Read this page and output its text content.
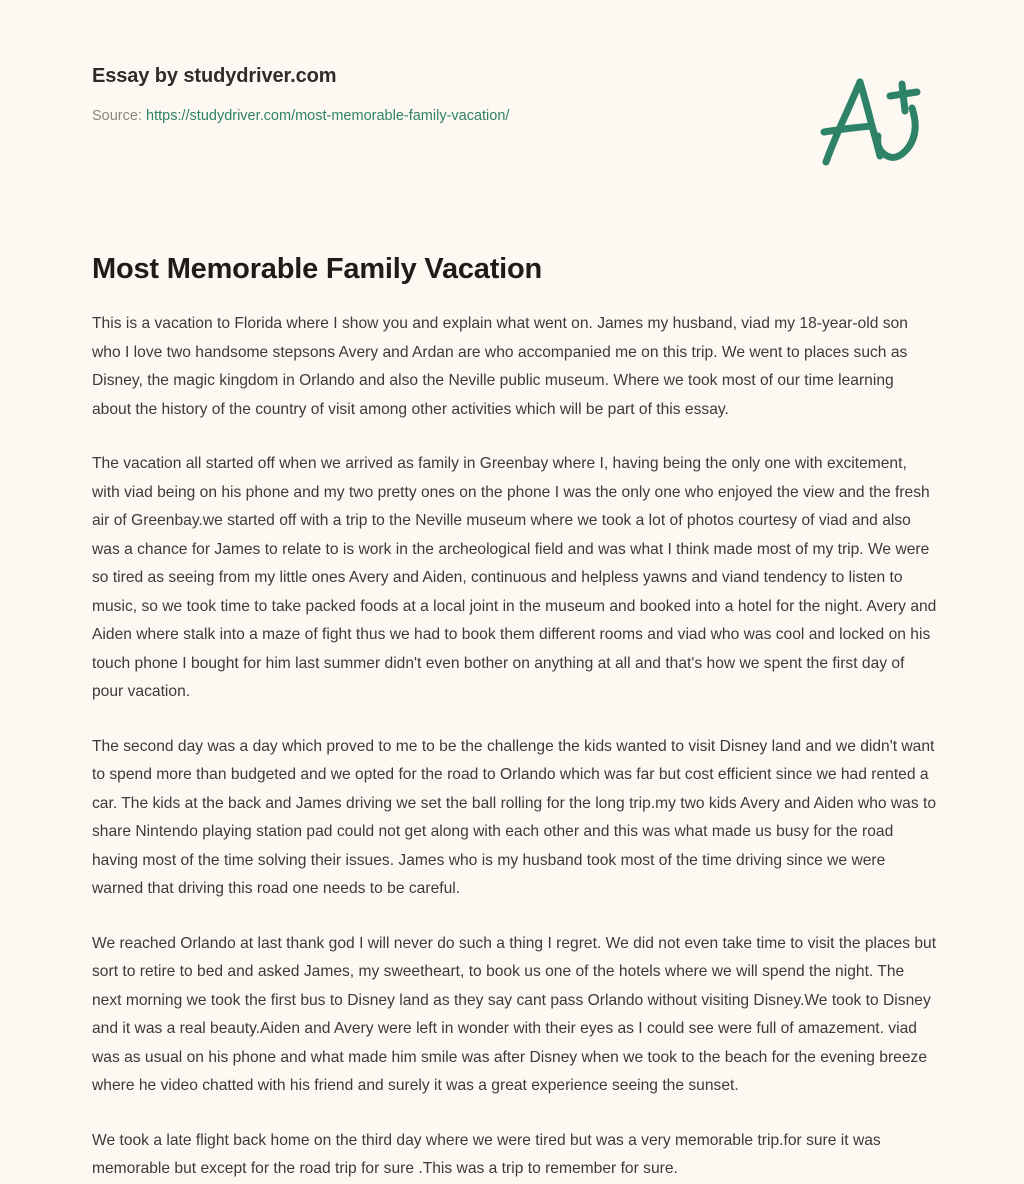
Essay by studydriver.com

Source: https://studydriver.com/most-memorable-family-vacation/

Most Memorable Family Vacation

This is a vacation to Florida where I show you and explain what went on. James my husband, viad my 18-year-old son who I love two handsome stepsons Avery and Ardan are who accompanied me on this trip. We went to places such as Disney, the magic kingdom in Orlando and also the Neville public museum. Where we took most of our time learning about the history of the country of visit among other activities which will be part of this essay.

The vacation all started off when we arrived as family in Greenbay where I, having being the only one with excitement, with viad being on his phone and my two pretty ones on the phone I was the only one who enjoyed the view and the fresh air of Greenbay.we started off with a trip to the Neville museum where we took a lot of photos courtesy of viad and also was a chance for James to relate to is work in the archeological field and was what I think made most of my trip. We were so tired as seeing from my little ones Avery and Aiden, continuous and helpless yawns and viand tendency to listen to music, so we took time to take packed foods at a local joint in the museum and booked into a hotel for the night. Avery and Aiden where stalk into a maze of fight thus we had to book them different rooms and viad who was cool and locked on his touch phone I bought for him last summer didn't even bother on anything at all and that's how we spent the first day of pour vacation.

The second day was a day which proved to me to be the challenge the kids wanted to visit Disney land and we didn't want to spend more than budgeted and we opted for the road to Orlando which was far but cost efficient since we had rented a car. The kids at the back and James driving we set the ball rolling for the long trip.my two kids Avery and Aiden who was to share Nintendo playing station pad could not get along with each other and this was what made us busy for the road having most of the time solving their issues. James who is my husband took most of the time driving since we were warned that driving this road one needs to be careful.

We reached Orlando at last thank god I will never do such a thing I regret. We did not even take time to visit the places but sort to retire to bed and asked James, my sweetheart, to book us one of the hotels where we will spend the night. The next morning we took the first bus to Disney land as they say cant pass Orlando without visiting Disney.We took to Disney and it was a real beauty.Aiden and Avery were left in wonder with their eyes as I could see were full of amazement. viad was as usual on his phone and what made him smile was after Disney when we took to the beach for the evening breeze where he video chatted with his friend and surely it was a great experience seeing the sunset.

We took a late flight back home on the third day where we were tired but was a very memorable trip.for sure it was memorable but except for the road trip for sure .This was a trip to remember for sure.
